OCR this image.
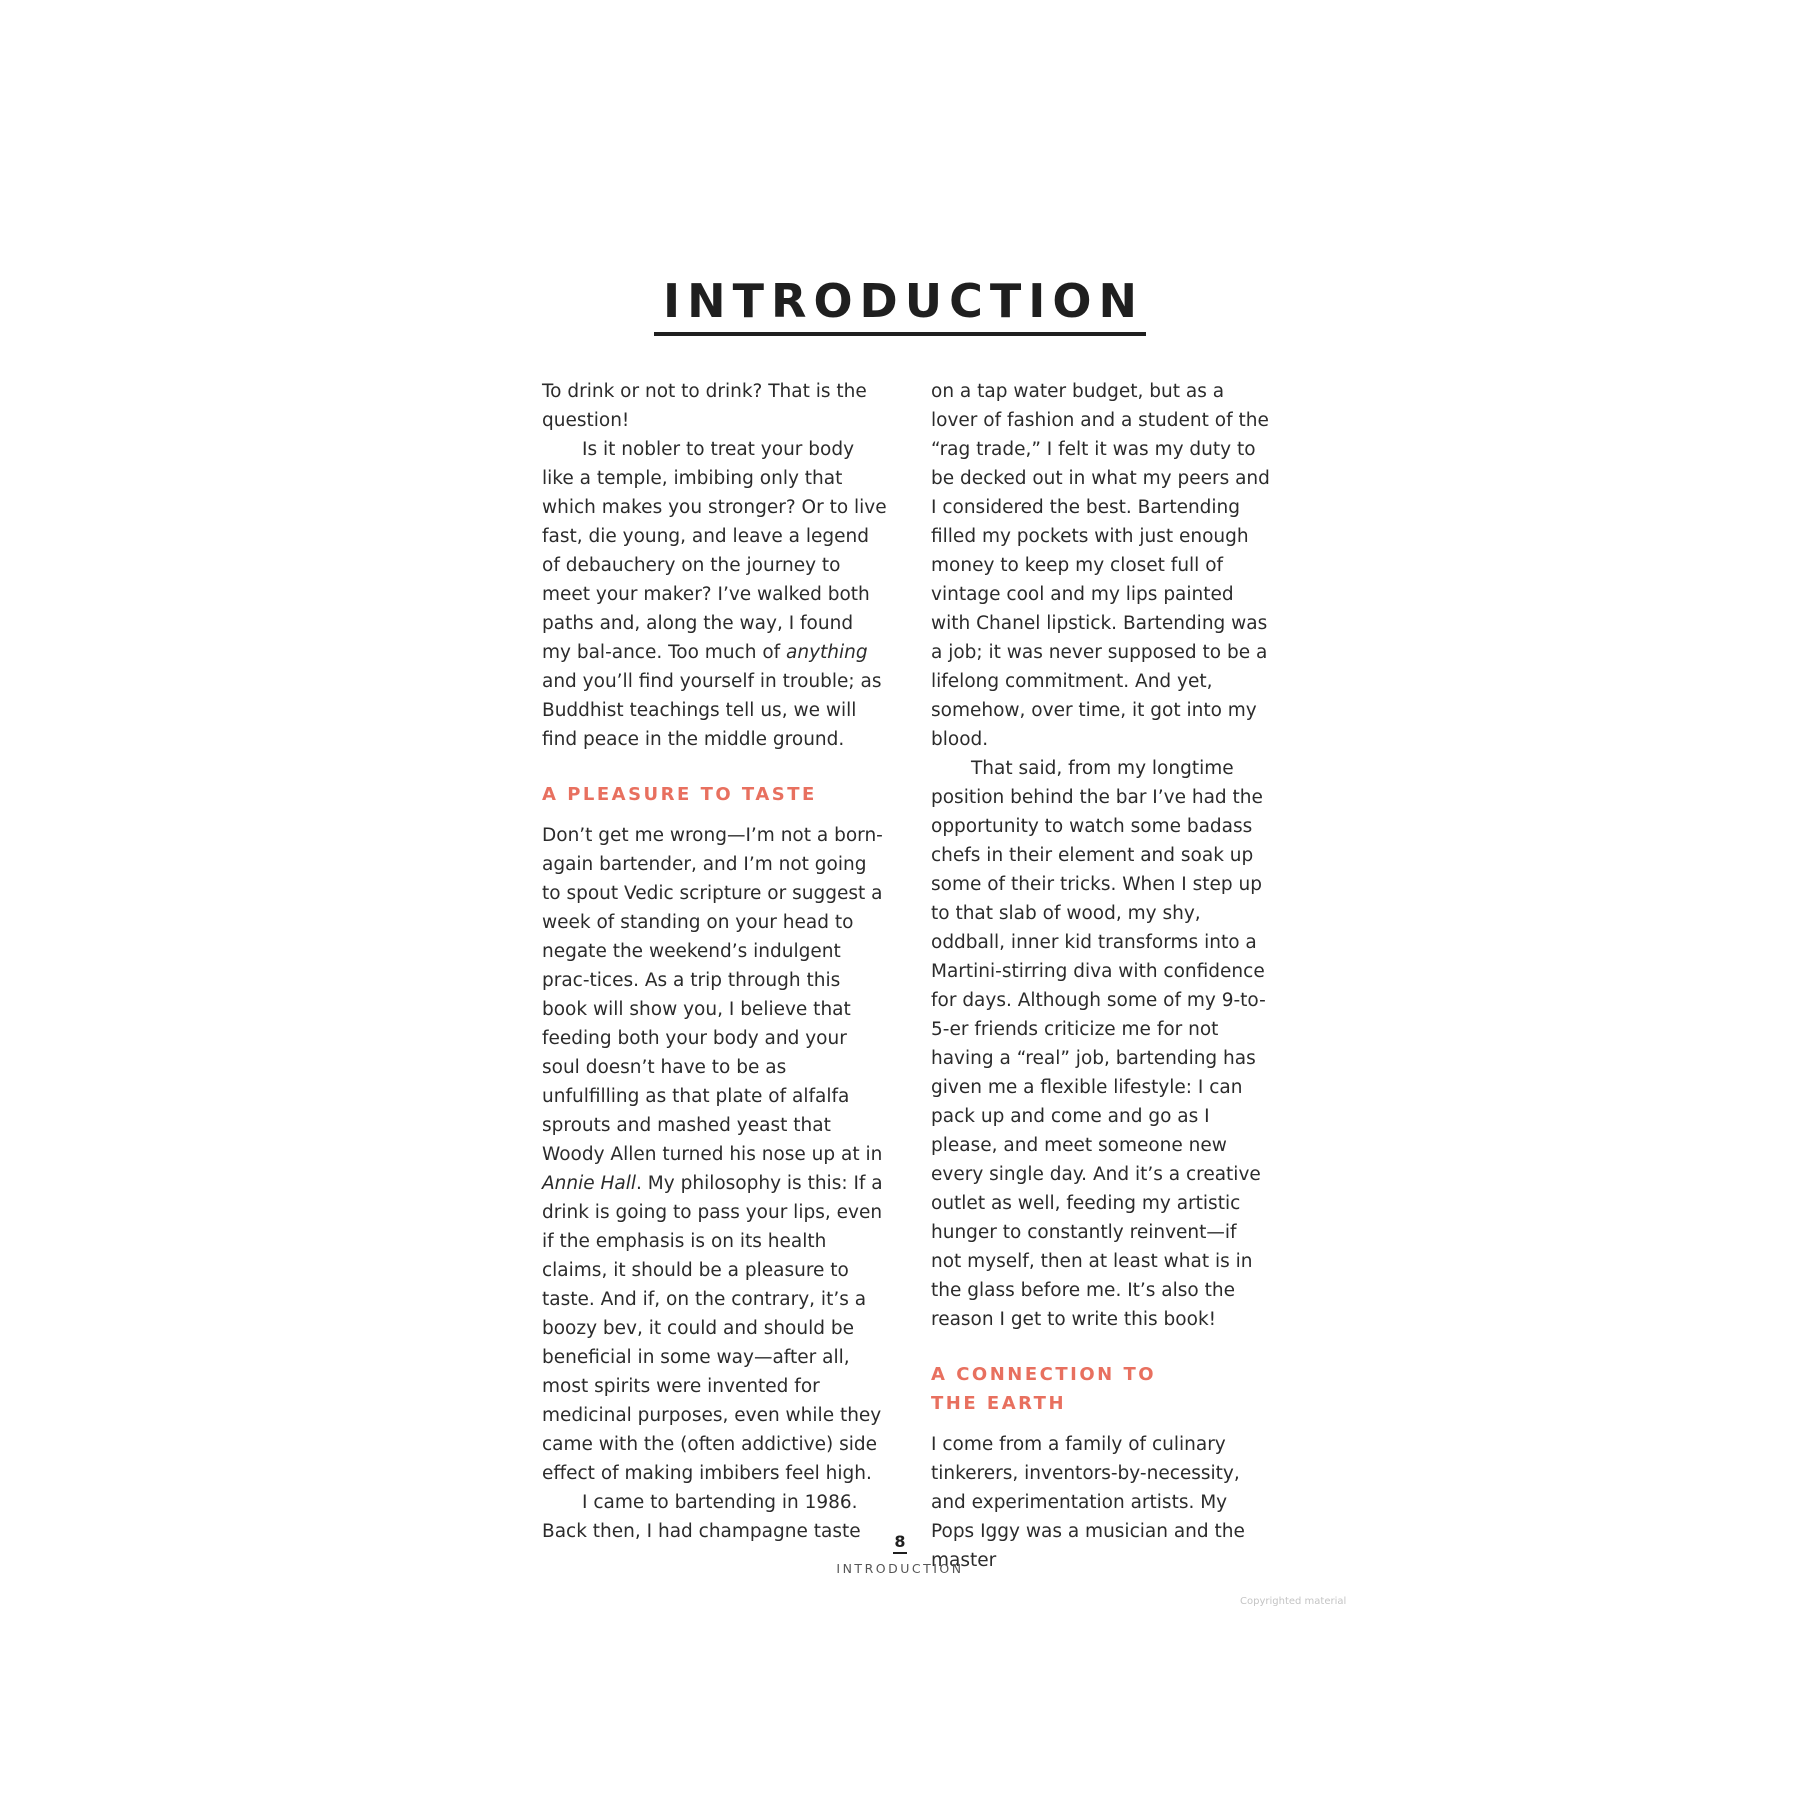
INTRODUCTION

To drink or not to drink? That is the question!

Is it nobler to treat your body like a temple, imbibing only that which makes you stronger? Or to live fast, die young, and leave a legend of debauchery on the journey to meet your maker? I’ve walked both paths and, along the way, I found my bal-ance. Too much of anything and you’ll find yourself in trouble; as Buddhist teachings tell us, we will find peace in the middle ground.

A PLEASURE TO TASTE

Don’t get me wrong—I’m not a born-again bartender, and I’m not going to spout Vedic scripture or suggest a week of standing on your head to negate the weekend’s indulgent prac-tices. As a trip through this book will show you, I believe that feeding both your body and your soul doesn’t have to be as unfulfilling as that plate of alfalfa sprouts and mashed yeast that Woody Allen turned his nose up at in Annie Hall. My philosophy is this: If a drink is going to pass your lips, even if the emphasis is on its health claims, it should be a pleasure to taste. And if, on the contrary, it’s a boozy bev, it could and should be beneficial in some way—after all, most spirits were invented for medicinal purposes, even while they came with the (often addictive) side effect of making imbibers feel high.

I came to bartending in 1986. Back then, I had champagne taste

on a tap water budget, but as a lover of fashion and a student of the “rag trade,” I felt it was my duty to be decked out in what my peers and I considered the best. Bartending filled my pockets with just enough money to keep my closet full of vintage cool and my lips painted with Chanel lipstick. Bartending was a job; it was never supposed to be a lifelong commitment. And yet, somehow, over time, it got into my blood.

That said, from my longtime position behind the bar I’ve had the opportunity to watch some badass chefs in their element and soak up some of their tricks. When I step up to that slab of wood, my shy, oddball, inner kid transforms into a Martini-stirring diva with confidence for days. Although some of my 9-to-5-er friends criticize me for not having a “real” job, bartending has given me a flexible lifestyle: I can pack up and come and go as I please, and meet someone new every single day. And it’s a creative outlet as well, feeding my artistic hunger to constantly reinvent—if not myself, then at least what is in the glass before me. It’s also the reason I get to write this book!

A CONNECTION TO
THE EARTH

I come from a family of culinary tinkerers, inventors-by-necessity, and experimentation artists. My Pops Iggy was a musician and the master

8
INTRODUCTION
Copyrighted material
